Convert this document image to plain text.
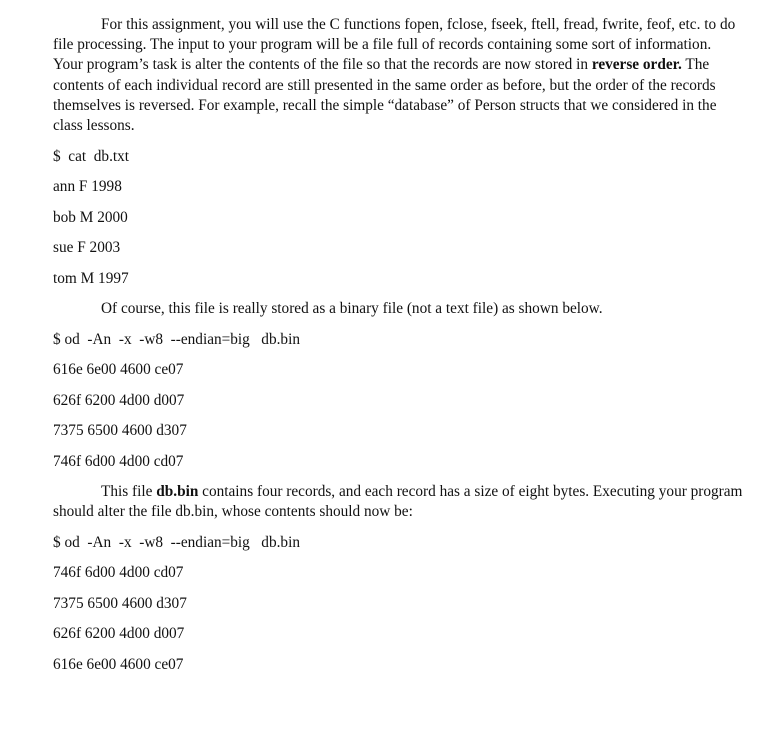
For this assignment, you will use the C functions fopen, fclose, fseek, ftell, fread, fwrite, feof, etc. to do file processing. The input to your program will be a file full of records containing some sort of information. Your program’s task is alter the contents of the file so that the records are now stored in reverse order. The contents of each individual record are still presented in the same order as before, but the order of the records themselves is reversed. For example, recall the simple “database” of Person structs that we considered in the class lessons.

$  cat  db.txt

ann F 1998

bob M 2000

sue F 2003

tom M 1997

Of course, this file is really stored as a binary file (not a text file) as shown below.

$ od  -An  -x  -w8  --endian=big   db.bin

616e 6e00 4600 ce07

626f 6200 4d00 d007

7375 6500 4600 d307

746f 6d00 4d00 cd07

This file db.bin contains four records, and each record has a size of eight bytes. Executing your program should alter the file db.bin, whose contents should now be:

$ od  -An  -x  -w8  --endian=big   db.bin

746f 6d00 4d00 cd07

7375 6500 4600 d307

626f 6200 4d00 d007

616e 6e00 4600 ce07
